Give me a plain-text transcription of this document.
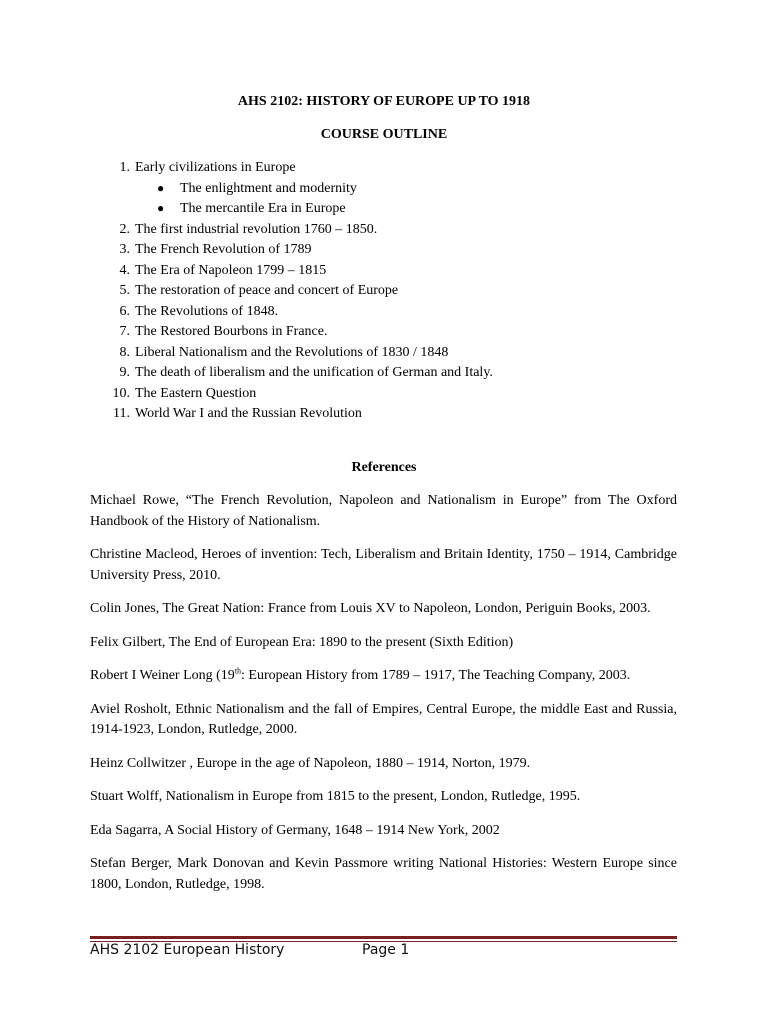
AHS 2102: HISTORY OF EUROPE UP TO 1918
COURSE OUTLINE
1. Early civilizations in Europe
● The enlightment and modernity
● The mercantile Era in Europe
2. The first industrial revolution 1760 – 1850.
3. The French Revolution of 1789
4. The Era of Napoleon 1799 – 1815
5. The restoration of peace and concert of Europe
6. The Revolutions of 1848.
7. The Restored Bourbons in France.
8. Liberal Nationalism and the Revolutions of 1830 / 1848
9. The death of liberalism and the unification of German and Italy.
10. The Eastern Question
11. World War I and the Russian Revolution
References

Michael Rowe, “The French Revolution, Napoleon and Nationalism in Europe” from The Oxford Handbook of the History of Nationalism.

Christine Macleod, Heroes of invention: Tech, Liberalism and Britain Identity, 1750 – 1914, Cambridge University Press, 2010.

Colin Jones, The Great Nation: France from Louis XV to Napoleon, London, Periguin Books, 2003.

Felix Gilbert, The End of European Era: 1890 to the present (Sixth Edition)

Robert I Weiner Long (19th: European History from 1789 – 1917, The Teaching Company, 2003.

Aviel Rosholt, Ethnic Nationalism and the fall of Empires, Central Europe, the middle East and Russia, 1914-1923, London, Rutledge, 2000.

Heinz Collwitzer , Europe in the age of Napoleon, 1880 – 1914, Norton, 1979.

Stuart Wolff, Nationalism in Europe from 1815 to the present, London, Rutledge, 1995.

Eda Sagarra, A Social History of Germany, 1648 – 1914 New York, 2002

Stefan Berger, Mark Donovan and Kevin Passmore writing National Histories: Western Europe since 1800, London, Rutledge, 1998.

AHS 2102 European History	Page 1
